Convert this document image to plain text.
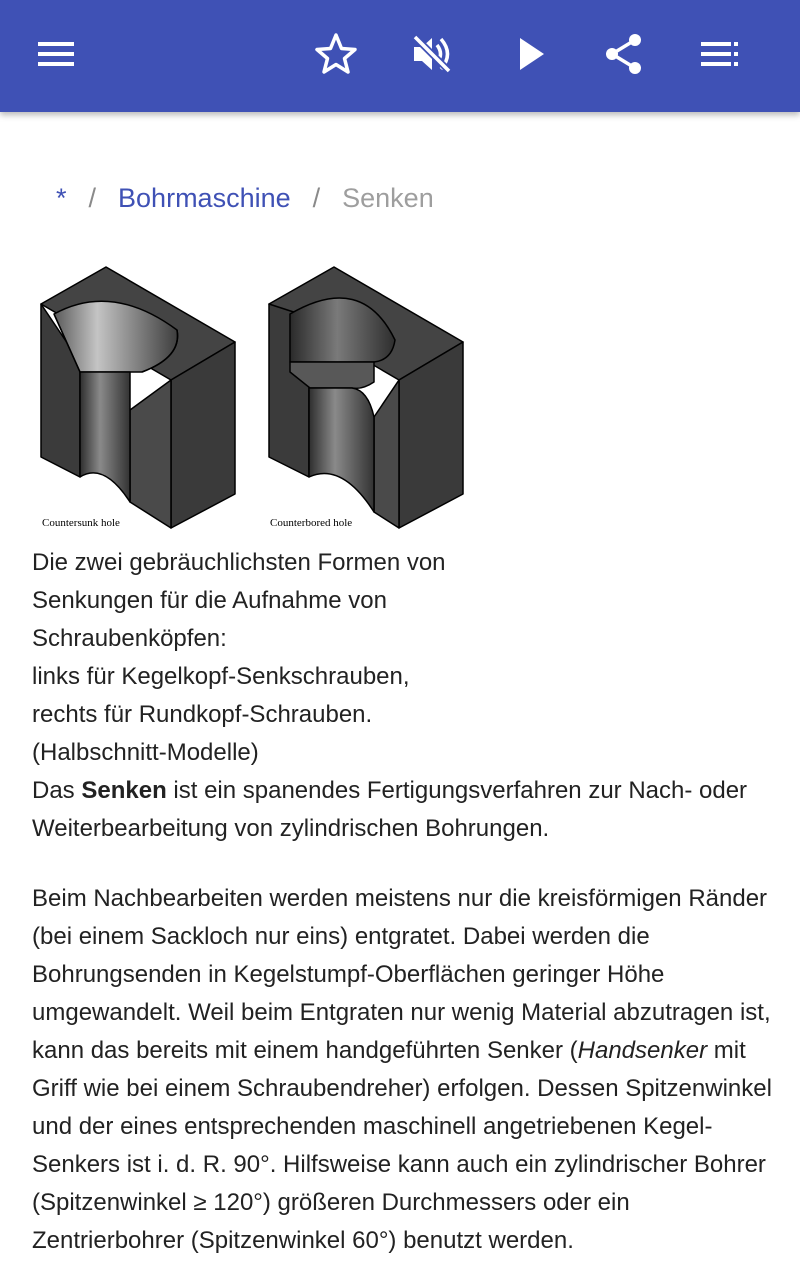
* / Bohrmaschine / Senken
Countersunk hole	Counterbored hole
Die zwei gebräuchlichsten Formen von
Senkungen für die Aufnahme von
Schraubenköpfen:
links für Kegelkopf-Senkschrauben,
rechts für Rundkopf-Schrauben.
(Halbschnitt-Modelle)

Das Senken ist ein spanendes Fertigungsverfahren zur Nach- oder Weiterbearbeitung von zylindrischen Bohrungen.

Beim Nachbearbeiten werden meistens nur die kreisförmigen Ränder (bei einem Sackloch nur eins) entgratet. Dabei werden die Bohrungsenden in Kegelstumpf-Oberflächen geringer Höhe umgewandelt. Weil beim Entgraten nur wenig Material abzutragen ist, kann das bereits mit einem handgeführten Senker (Handsenker mit Griff wie bei einem Schraubendreher) erfolgen. Dessen Spitzenwinkel und der eines entsprechenden maschinell angetriebenen Kegel-Senkers ist i. d. R. 90°. Hilfsweise kann auch ein zylindrischer Bohrer (Spitzenwinkel ≥ 120°) größeren Durchmessers oder ein Zentrierbohrer (Spitzenwinkel 60°) benutzt werden.
